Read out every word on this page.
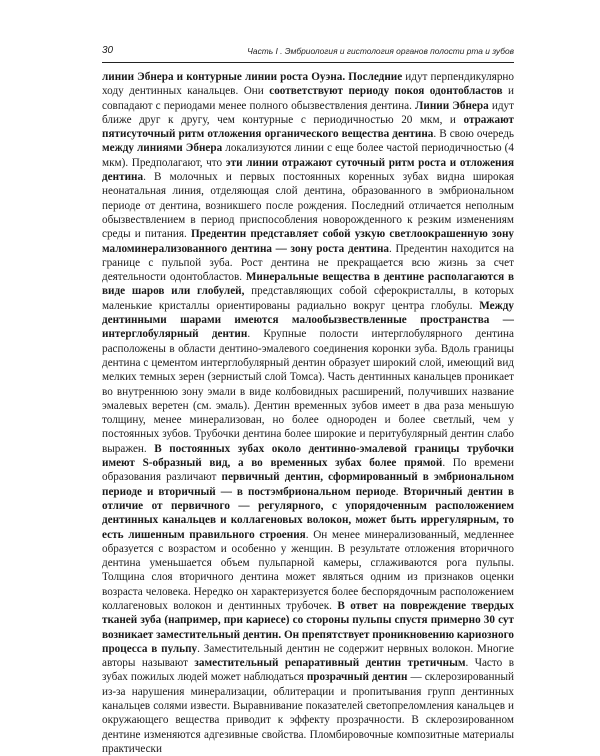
30	Часть I . Эмбриология и гистология органов полости рта и зубов

линии Эбнера и контурные линии роста Оуэна. Последние идут перпендикулярно ходу дентинных канальцев. Они соответствуют периоду покоя одонтобластов и совпадают с периодами менее полного обызвествления дентина. Линии Эбнера идут ближе друг к другу, чем контурные с периодичностью 20 мкм, и отражают пятисуточный ритм отложения органического вещества дентина. В свою очередь между линиями Эбнера локализуются линии с еще более частой периодичностью (4 мкм). Предполагают, что эти линии отражают суточный ритм роста и отложения дентина. В молочных и первых постоянных коренных зубах видна широкая неонатальная линия, отделяющая слой дентина, образованного в эмбриональном периоде от дентина, возникшего после рождения. Последний отличается неполным обызвествлением в период приспособления новорожденного к резким изменениям среды и питания. Предентин представляет собой узкую светлоокрашенную зону маломинерализованного дентина — зону роста дентина. Предентин находится на границе с пульпой зуба. Рост дентина не прекращается всю жизнь за счет деятельности одонтобластов. Минеральные вещества в дентине располагаются в виде шаров или глобулей, представляющих собой сферокристаллы, в которых маленькие кристаллы ориентированы радиально вокруг центра глобулы. Между дентинными шарами имеются малообызвествленные пространства — интерглобулярный дентин. Крупные полости интерглобулярного дентина расположены в области дентино-эмалевого соединения коронки зуба. Вдоль границы дентина с цементом интерглобулярный дентин образует широкий слой, имеющий вид мелких темных зерен (зернистый слой Томса). Часть дентинных канальцев проникает во внутреннюю зону эмали в виде колбовидных расширений, получивших название эмалевых веретен (см. эмаль). Дентин временных зубов имеет в два раза меньшую толщину, менее минерализован, но более однороден и более светлый, чем у постоянных зубов. Трубочки дентина более широкие и перитубулярный дентин слабо выражен. В постоянных зубах около дентинно-эмалевой границы трубочки имеют S-образный вид, а во временных зубах более прямой. По времени образования различают первичный дентин, сформированный в эмбриональном периоде и вторичный — в постэмбриональном периоде. Вторичный дентин в отличие от первичного — регулярного, с упорядоченным расположением дентинных канальцев и коллагеновых волокон, может быть иррегулярным, то есть лишенным правильного строения. Он менее минерализованный, медленнее образуется с возрастом и особенно у женщин. В результате отложения вторичного дентина уменьшается объем пульпарной камеры, сглаживаются рога пульпы. Толщина слоя вторичного дентина может являться одним из признаков оценки возраста человека. Нередко он характеризуется более беспорядочным расположением коллагеновых волокон и дентинных трубочек. В ответ на повреждение твердых тканей зуба (например, при кариесе) со стороны пульпы спустя примерно 30 сут возникает заместительный дентин. Он препятствует проникновению кариозного процесса в пульпу. Заместительный дентин не содержит нервных волокон. Многие авторы называют заместительный репаративный дентин третичным. Часто в зубах пожилых людей может наблюдаться прозрачный дентин — склерозированный из-за нарушения минерализации, облитерации и пропитывания групп дентинных канальцев солями извести. Выравнивание показателей светопреломления канальцев и окружающего вещества приводит к эффекту прозрачности. В склерозированном дентине изменяются адгезивные свойства. Пломбировочные композитные материалы практически
